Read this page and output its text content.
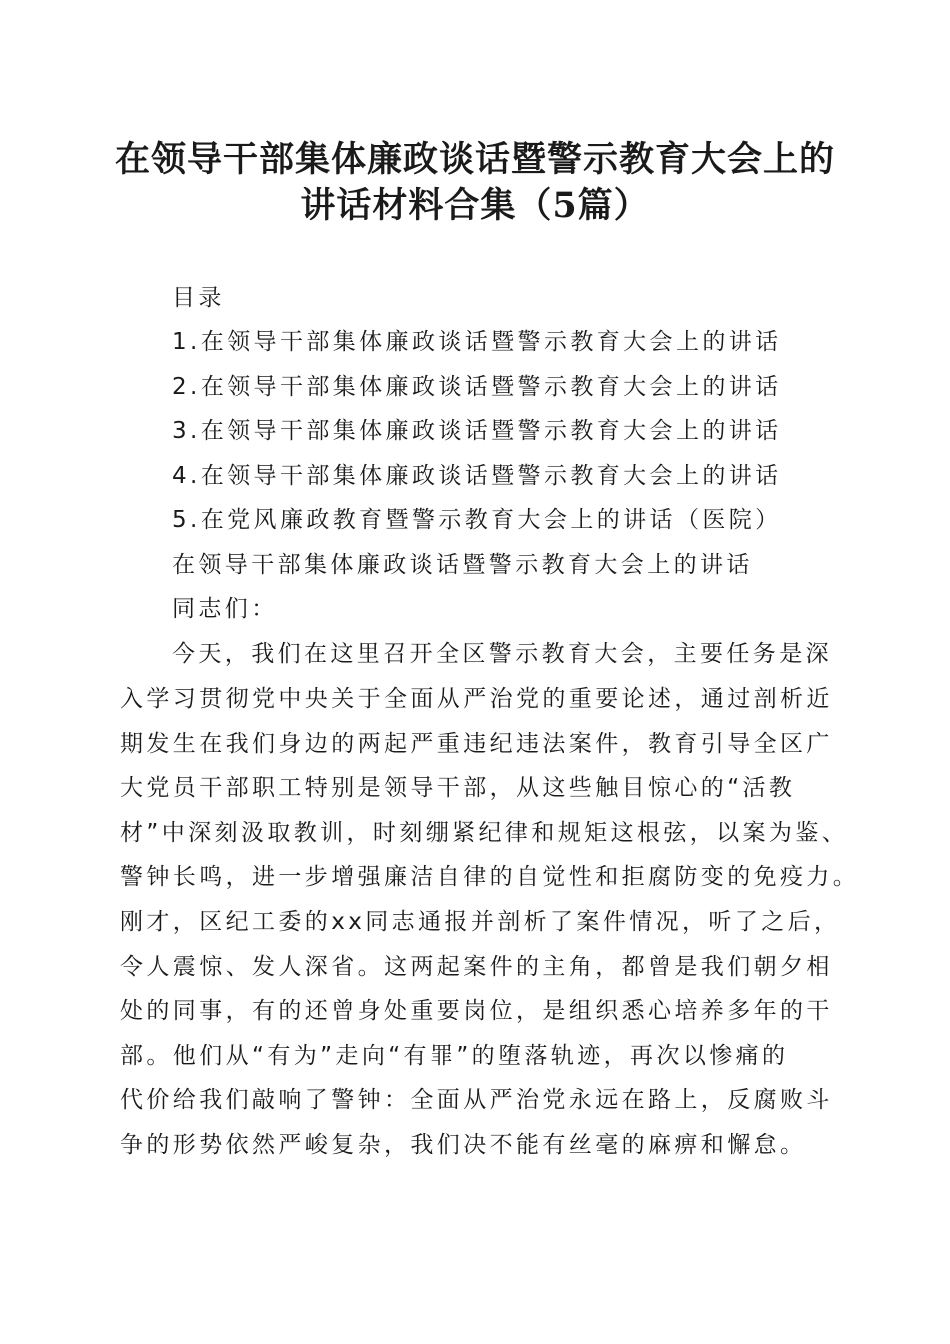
在领导干部集体廉政谈话暨警示教育大会上的
讲话材料合集（5篇）
目录
1.在领导干部集体廉政谈话暨警示教育大会上的讲话
2.在领导干部集体廉政谈话暨警示教育大会上的讲话
3.在领导干部集体廉政谈话暨警示教育大会上的讲话
4.在领导干部集体廉政谈话暨警示教育大会上的讲话
5.在党风廉政教育暨警示教育大会上的讲话（医院）
在领导干部集体廉政谈话暨警示教育大会上的讲话
同志们：
今天，我们在这里召开全区警示教育大会，主要任务是深
入学习贯彻党中央关于全面从严治党的重要论述，通过剖析近
期发生在我们身边的两起严重违纪违法案件，教育引导全区广
大党员干部职工特别是领导干部，从这些触目惊心的“活教
材”中深刻汲取教训，时刻绷紧纪律和规矩这根弦，以案为鉴、
警钟长鸣，进一步增强廉洁自律的自觉性和拒腐防变的免疫力。
刚才，区纪工委的xx同志通报并剖析了案件情况，听了之后，
令人震惊、发人深省。这两起案件的主角，都曾是我们朝夕相
处的同事，有的还曾身处重要岗位，是组织悉心培养多年的干
部。他们从“有为”走向“有罪”的堕落轨迹，再次以惨痛的
代价给我们敲响了警钟：全面从严治党永远在路上，反腐败斗
争的形势依然严峻复杂，我们决不能有丝毫的麻痹和懈怠。
